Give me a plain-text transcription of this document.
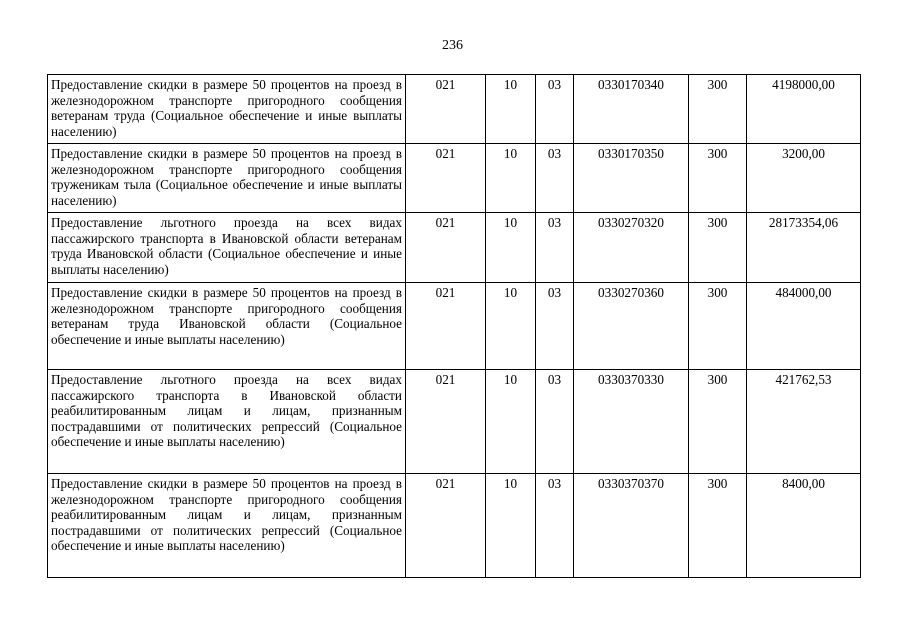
236
Предоставление скидки в размере 50 процентов на проезд в железнодорожном транспорте пригородного сообщения ветеранам труда (Социальное обеспечение и иные выплаты населению)	021	10	03	0330170340	300	4198000,00
Предоставление скидки в размере 50 процентов на проезд в железнодорожном транспорте пригородного сообщения труженикам тыла (Социальное обеспечение и иные выплаты населению)	021	10	03	0330170350	300	3200,00
Предоставление льготного проезда на всех видах пассажирского транспорта в Ивановской области ветеранам труда Ивановской области (Социальное обеспечение и иные выплаты населению)	021	10	03	0330270320	300	28173354,06
Предоставление скидки в размере 50 процентов на проезд в железнодорожном транспорте пригородного сообщения ветеранам труда Ивановской области (Социальное обеспечение и иные выплаты населению)	021	10	03	0330270360	300	484000,00
Предоставление льготного проезда на всех видах пассажирского транспорта в Ивановской области реабилитированным лицам и лицам, признанным пострадавшими от политических репрессий (Социальное обеспечение и иные выплаты населению)	021	10	03	0330370330	300	421762,53
Предоставление скидки в размере 50 процентов на проезд в железнодорожном транспорте пригородного сообщения реабилитированным лицам и лицам, признанным пострадавшими от политических репрессий (Социальное обеспечение и иные выплаты населению)	021	10	03	0330370370	300	8400,00
